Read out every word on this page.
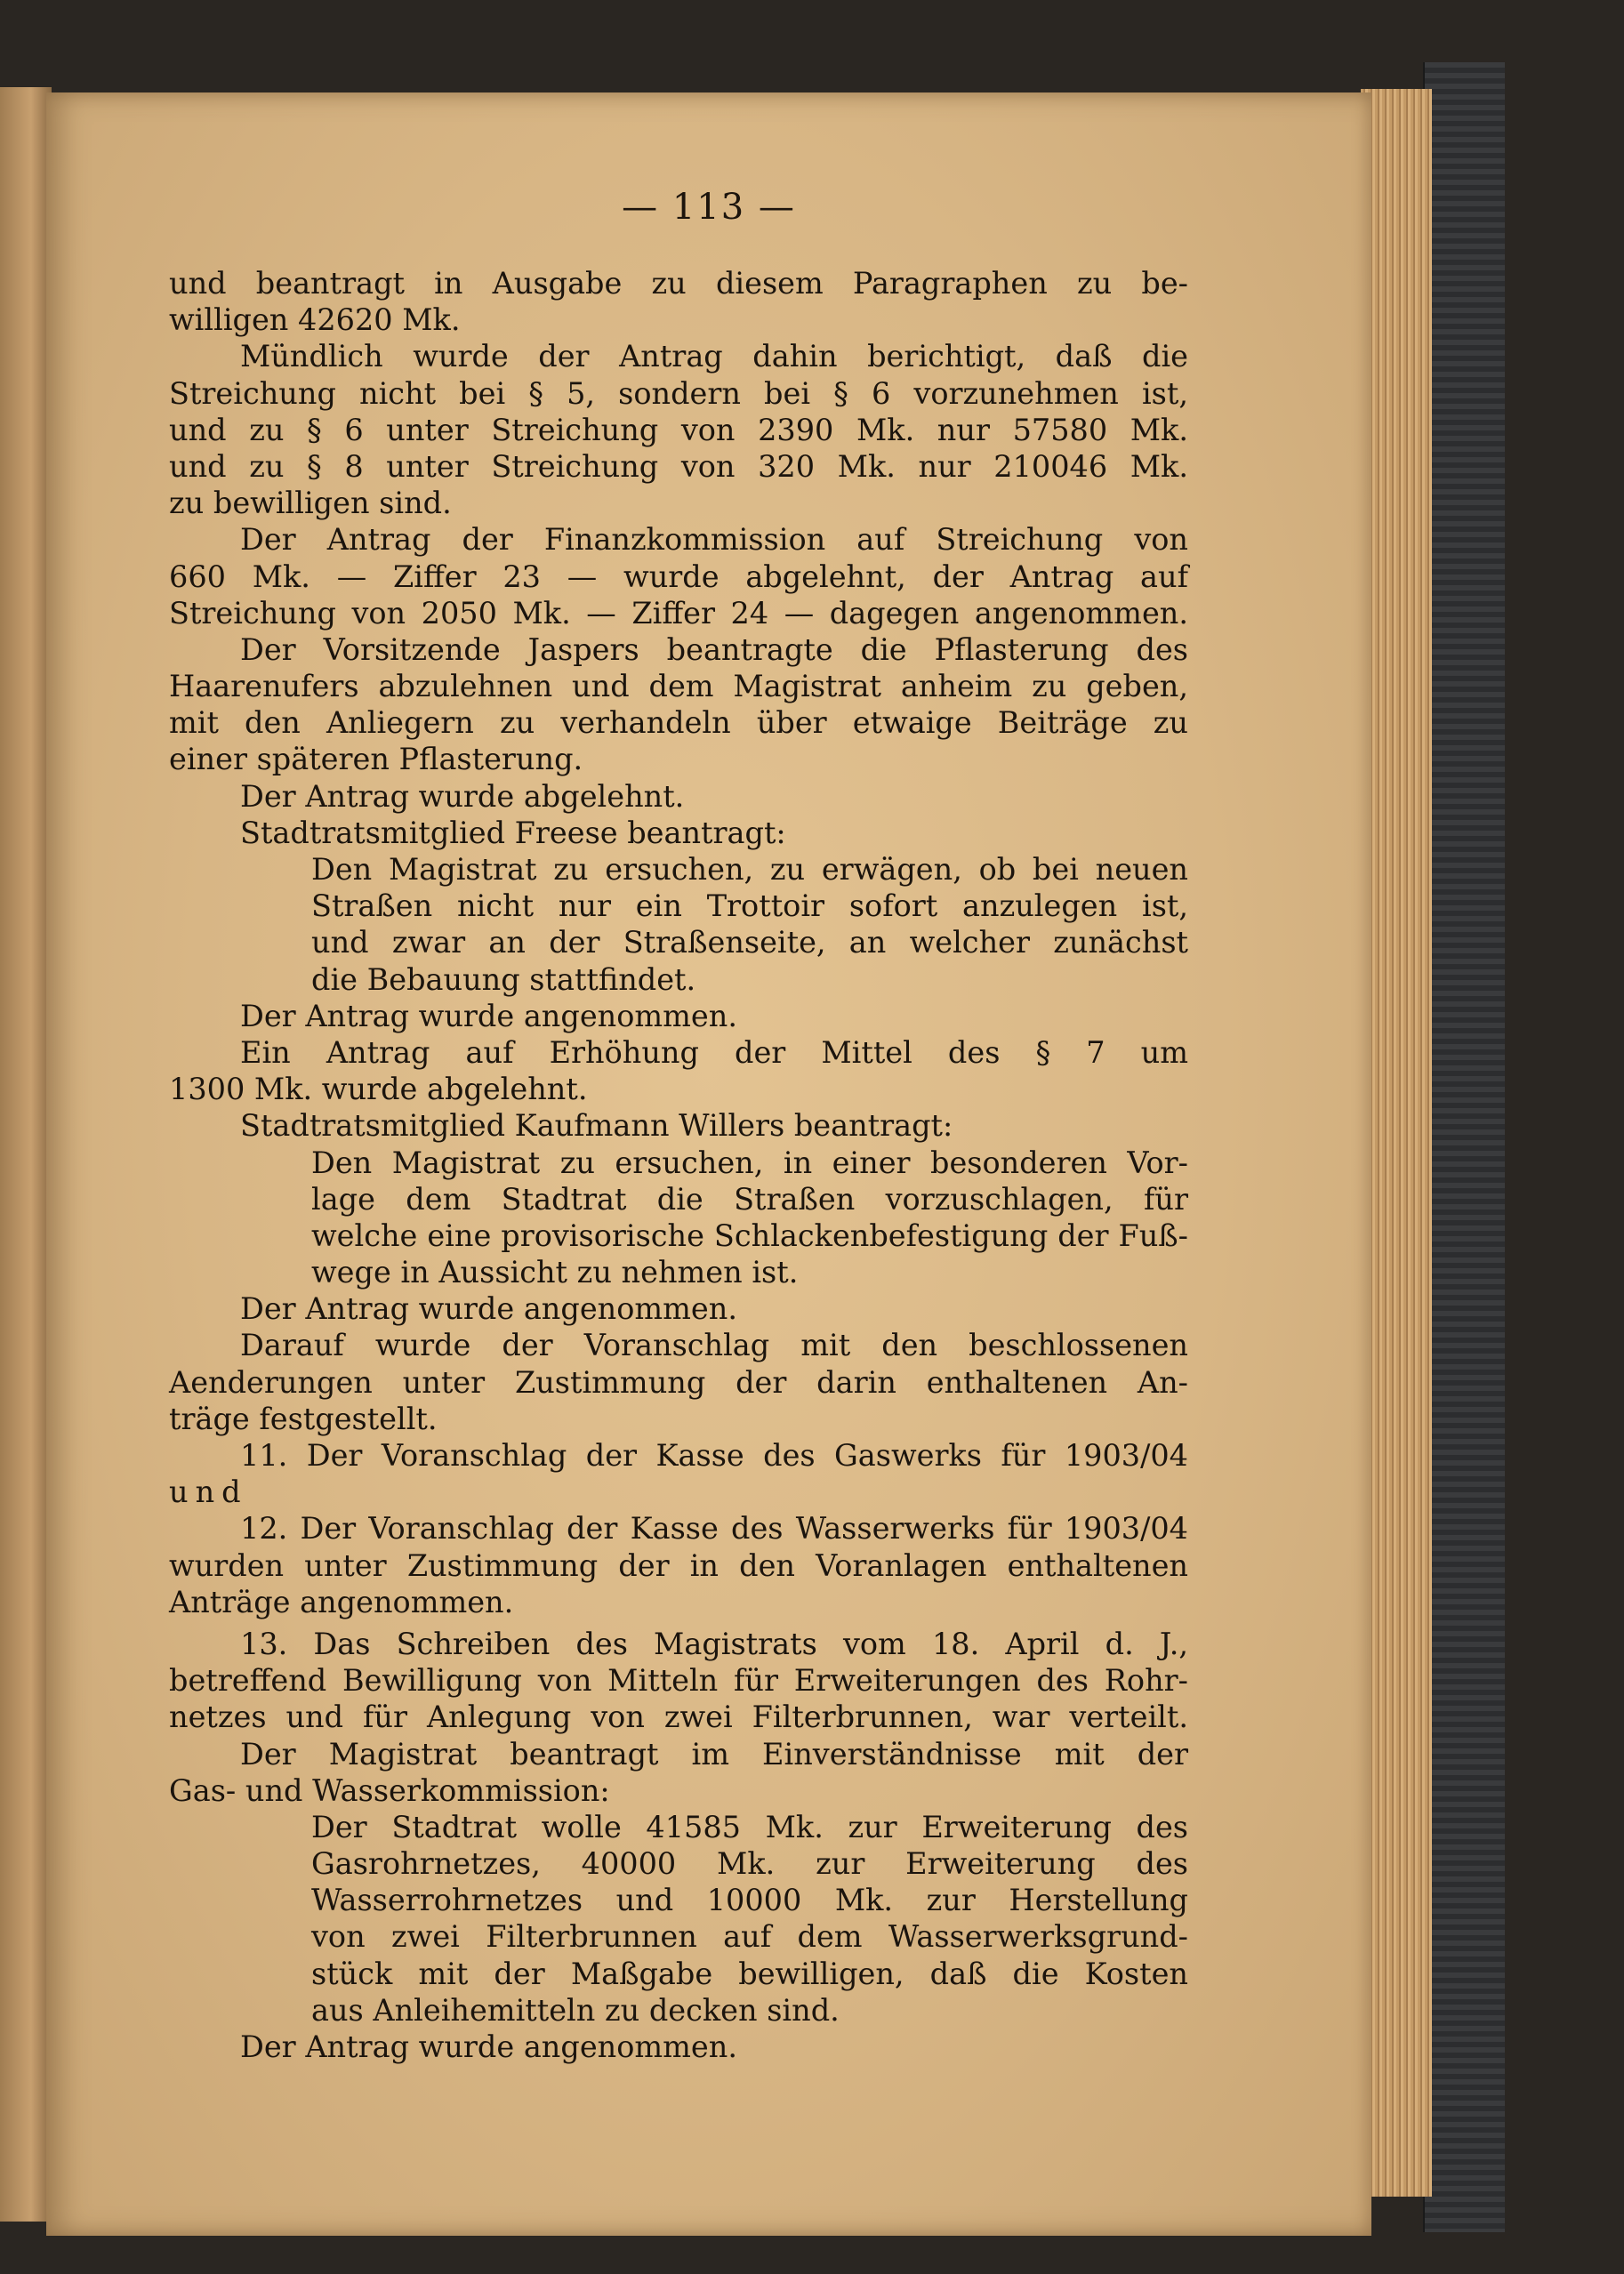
— 113 —
und beantragt in Ausgabe zu diesem Paragraphen zu be-
willigen 42620 Mk.
Mündlich wurde der Antrag dahin berichtigt, daß die
Streichung nicht bei § 5, sondern bei § 6 vorzunehmen ist,
und zu § 6 unter Streichung von 2390 Mk. nur 57580 Mk.
und zu § 8 unter Streichung von 320 Mk. nur 210046 Mk.
zu bewilligen sind.
Der Antrag der Finanzkommission auf Streichung von
660 Mk. — Ziffer 23 — wurde abgelehnt, der Antrag auf
Streichung von 2050 Mk. — Ziffer 24 — dagegen angenommen.
Der Vorsitzende Jaspers beantragte die Pflasterung des
Haarenufers abzulehnen und dem Magistrat anheim zu geben,
mit den Anliegern zu verhandeln über etwaige Beiträge zu
einer späteren Pflasterung.
Der Antrag wurde abgelehnt.
Stadtratsmitglied Freese beantragt:
Den Magistrat zu ersuchen, zu erwägen, ob bei neuen
Straßen nicht nur ein Trottoir sofort anzulegen ist,
und zwar an der Straßenseite, an welcher zunächst
die Bebauung stattfindet.
Der Antrag wurde angenommen.
Ein Antrag auf Erhöhung der Mittel des § 7 um
1300 Mk. wurde abgelehnt.
Stadtratsmitglied Kaufmann Willers beantragt:
Den Magistrat zu ersuchen, in einer besonderen Vor-
lage dem Stadtrat die Straßen vorzuschlagen, für
welche eine provisorische Schlackenbefestigung der Fuß-
wege in Aussicht zu nehmen ist.
Der Antrag wurde angenommen.
Darauf wurde der Voranschlag mit den beschlossenen
Aenderungen unter Zustimmung der darin enthaltenen An-
träge festgestellt.
11. Der Voranschlag der Kasse des Gaswerks für 1903/04
und
12. Der Voranschlag der Kasse des Wasserwerks für 1903/04
wurden unter Zustimmung der in den Voranlagen enthaltenen
Anträge angenommen.
13. Das Schreiben des Magistrats vom 18. April d. J.,
betreffend Bewilligung von Mitteln für Erweiterungen des Rohr-
netzes und für Anlegung von zwei Filterbrunnen, war verteilt.
Der Magistrat beantragt im Einverständnisse mit der
Gas- und Wasserkommission:
Der Stadtrat wolle 41585 Mk. zur Erweiterung des
Gasrohrnetzes, 40000 Mk. zur Erweiterung des
Wasserrohrnetzes und 10000 Mk. zur Herstellung
von zwei Filterbrunnen auf dem Wasserwerksgrund-
stück mit der Maßgabe bewilligen, daß die Kosten
aus Anleihemitteln zu decken sind.
Der Antrag wurde angenommen.
